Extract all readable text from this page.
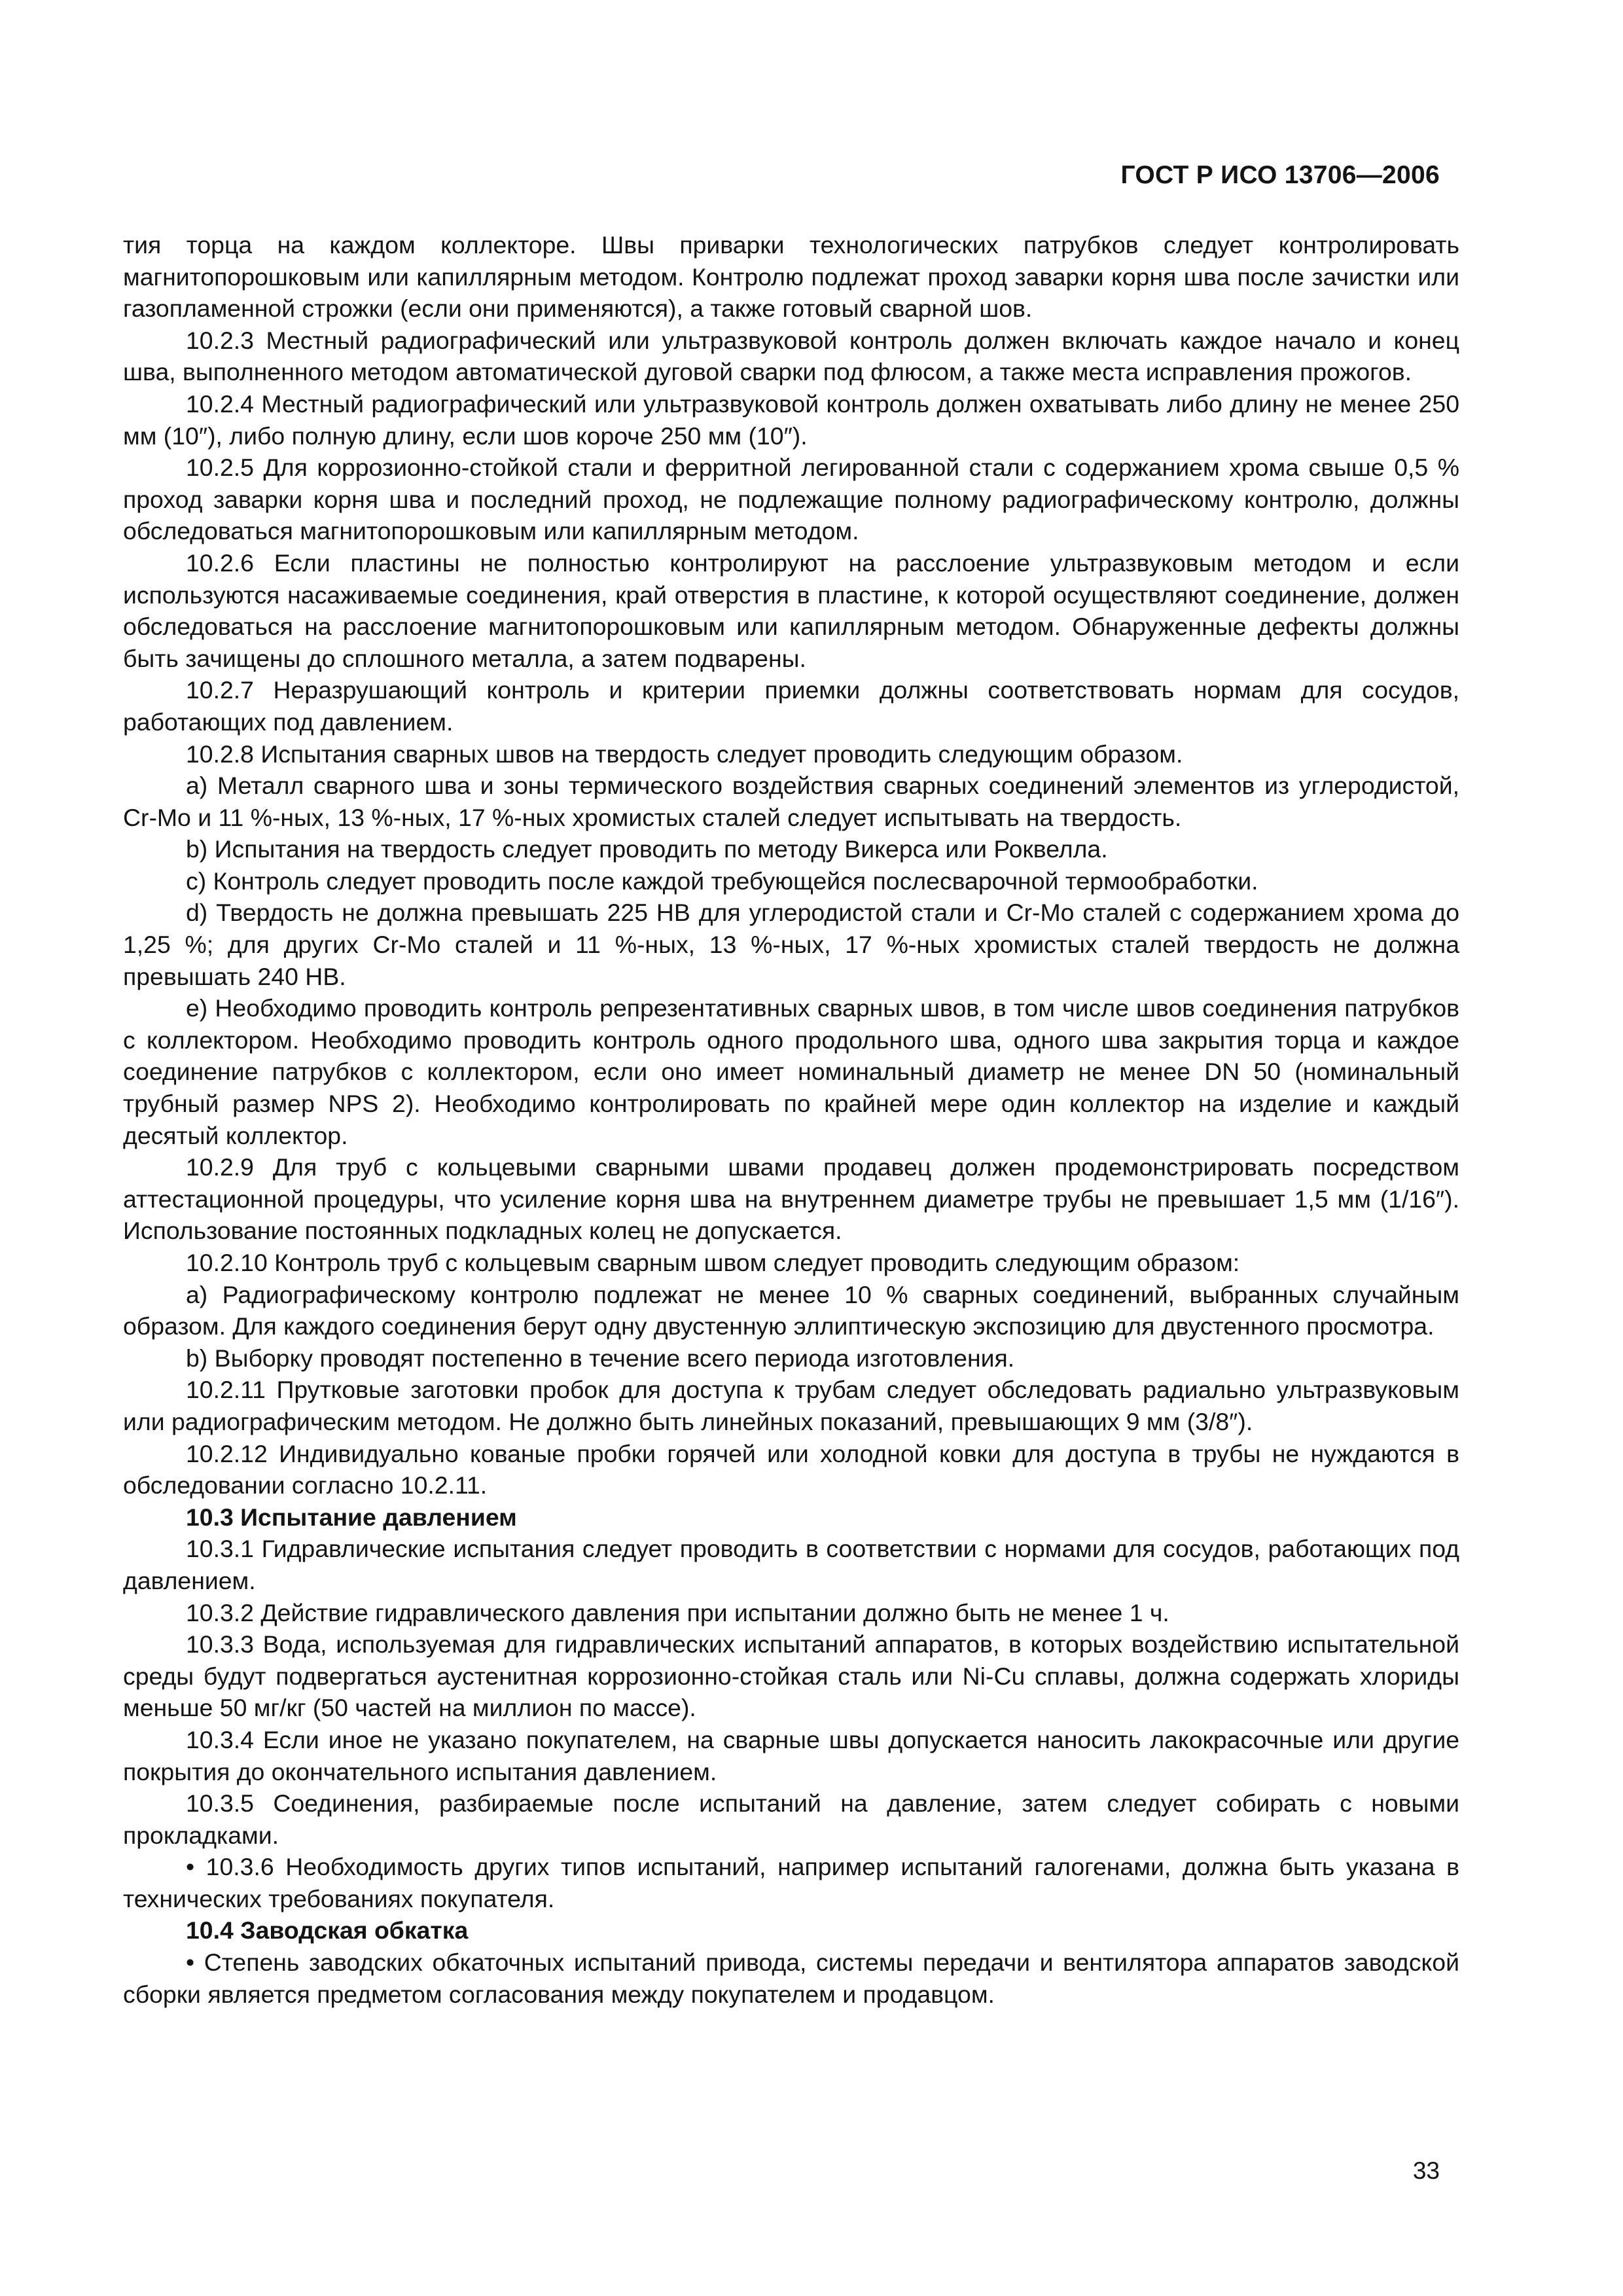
ГОСТ Р ИСО 13706—2006

тия торца на каждом коллекторе. Швы приварки технологических патрубков следует контролировать магнитопорошковым или капиллярным методом. Контролю подлежат проход заварки корня шва после зачистки или газопламенной строжки (если они применяются), а также готовый сварной шов.

10.2.3 Местный радиографический или ультразвуковой контроль должен включать каждое начало и конец шва, выполненного методом автоматической дуговой сварки под флюсом, а также места исправления прожогов.

10.2.4 Местный радиографический или ультразвуковой контроль должен охватывать либо длину не менее 250 мм (10″), либо полную длину, если шов короче 250 мм (10″).

10.2.5 Для коррозионно-стойкой стали и ферритной легированной стали с содержанием хрома свыше 0,5 % проход заварки корня шва и последний проход, не подлежащие полному радиографическому контролю, должны обследоваться магнитопорошковым или капиллярным методом.

10.2.6 Если пластины не полностью контролируют на расслоение ультразвуковым методом и если используются насаживаемые соединения, край отверстия в пластине, к которой осуществляют соединение, должен обследоваться на расслоение магнитопорошковым или капиллярным методом. Обнаруженные дефекты должны быть зачищены до сплошного металла, а затем подварены.

10.2.7 Неразрушающий контроль и критерии приемки должны соответствовать нормам для сосудов, работающих под давлением.

10.2.8 Испытания сварных швов на твердость следует проводить следующим образом.

a) Металл сварного шва и зоны термического воздействия сварных соединений элементов из углеродистой, Cr-Mo и 11 %-ных, 13 %-ных, 17 %-ных хромистых сталей следует испытывать на твердость.

b) Испытания на твердость следует проводить по методу Викерса или Роквелла.

c) Контроль следует проводить после каждой требующейся послесварочной термообработки.

d) Твердость не должна превышать 225 HB для углеродистой стали и Cr-Mo сталей с содержанием хрома до 1,25 %; для других Cr-Mo сталей и 11 %-ных, 13 %-ных, 17 %-ных хромистых сталей твердость не должна превышать 240 HB.

e) Необходимо проводить контроль репрезентативных сварных швов, в том числе швов соединения патрубков с коллектором. Необходимо проводить контроль одного продольного шва, одного шва закрытия торца и каждое соединение патрубков с коллектором, если оно имеет номинальный диаметр не менее DN 50 (номинальный трубный размер NPS 2). Необходимо контролировать по крайней мере один коллектор на изделие и каждый десятый коллектор.

10.2.9 Для труб с кольцевыми сварными швами продавец должен продемонстрировать посредством аттестационной процедуры, что усиление корня шва на внутреннем диаметре трубы не превышает 1,5 мм (1/16″). Использование постоянных подкладных колец не допускается.

10.2.10 Контроль труб с кольцевым сварным швом следует проводить следующим образом:

a) Радиографическому контролю подлежат не менее 10 % сварных соединений, выбранных случайным образом. Для каждого соединения берут одну двустенную эллиптическую экспозицию для двустенного просмотра.

b) Выборку проводят постепенно в течение всего периода изготовления.

10.2.11 Прутковые заготовки пробок для доступа к трубам следует обследовать радиально ультразвуковым или радиографическим методом. Не должно быть линейных показаний, превышающих 9 мм (3/8″).

10.2.12 Индивидуально кованые пробки горячей или холодной ковки для доступа в трубы не нуждаются в обследовании согласно 10.2.11.

10.3 Испытание давлением

10.3.1 Гидравлические испытания следует проводить в соответствии с нормами для сосудов, работающих под давлением.

10.3.2 Действие гидравлического давления при испытании должно быть не менее 1 ч.

10.3.3 Вода, используемая для гидравлических испытаний аппаратов, в которых воздействию испытательной среды будут подвергаться аустенитная коррозионно-стойкая сталь или Ni-Cu сплавы, должна содержать хлориды меньше 50 мг/кг (50 частей на миллион по массе).

10.3.4 Если иное не указано покупателем, на сварные швы допускается наносить лакокрасочные или другие покрытия до окончательного испытания давлением.

10.3.5 Соединения, разбираемые после испытаний на давление, затем следует собирать с новыми прокладками.

• 10.3.6 Необходимость других типов испытаний, например испытаний галогенами, должна быть указана в технических требованиях покупателя.

10.4 Заводская обкатка

• Степень заводских обкаточных испытаний привода, системы передачи и вентилятора аппаратов заводской сборки является предметом согласования между покупателем и продавцом.

33
